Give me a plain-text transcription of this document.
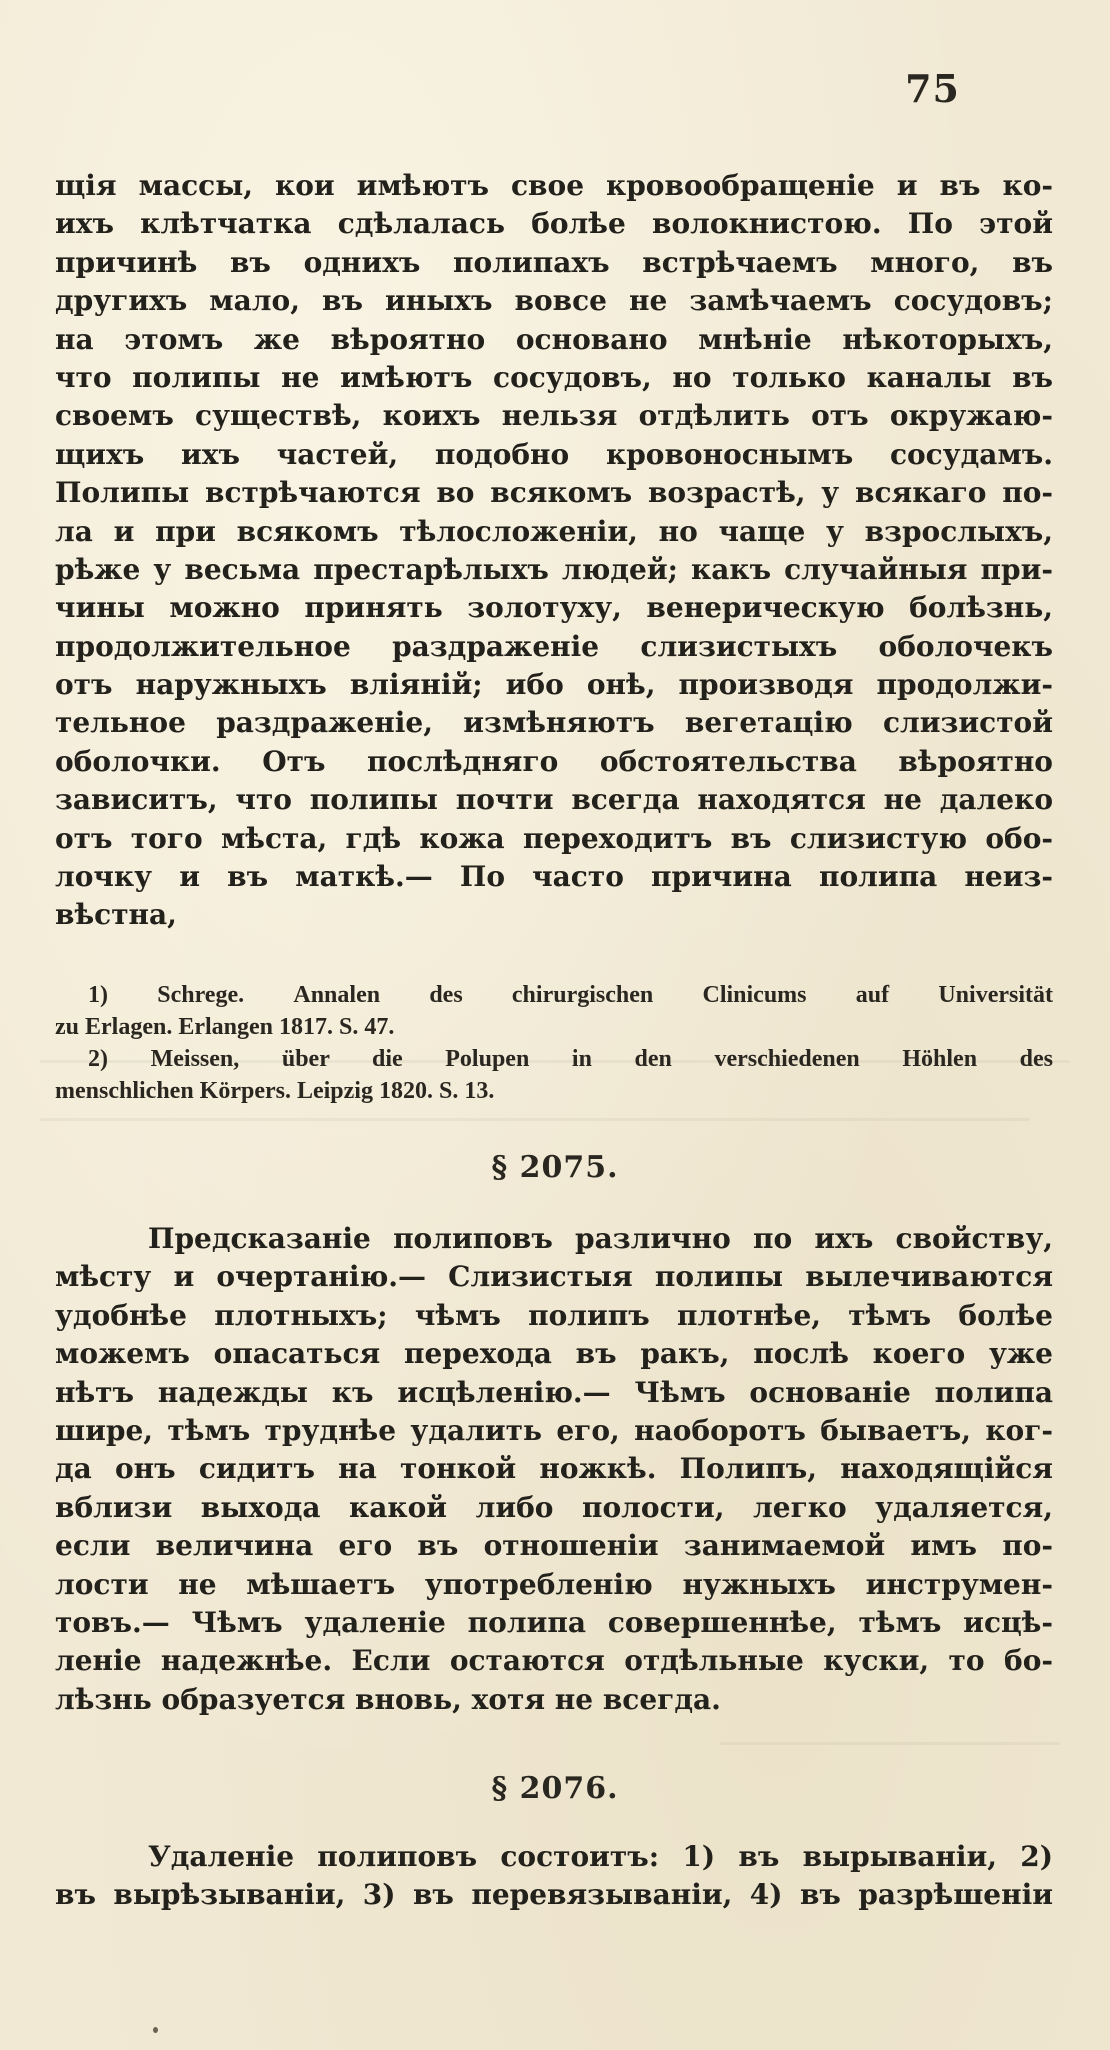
75
щія массы, кои имѣютъ свое кровообращеніе и въ ко-
ихъ клѣтчатка сдѣлалась болѣе волокнистою. По этой
причинѣ въ однихъ полипахъ встрѣчаемъ много, въ
другихъ мало, въ иныхъ вовсе не замѣчаемъ сосудовъ;
на этомъ же вѣроятно основано мнѣніе нѣкоторыхъ,
что полипы не имѣютъ сосудовъ, но только каналы въ
своемъ существѣ, коихъ нельзя отдѣлить отъ окружаю-
щихъ ихъ частей, подобно кровоноснымъ сосудамъ.
Полипы встрѣчаются во всякомъ возрастѣ, у всякаго по-
ла и при всякомъ тѣлосложеніи, но чаще у взрослыхъ,
рѣже у весьма престарѣлыхъ людей; какъ случайныя при-
чины можно принять золотуху, венерическую болѣзнь,
продолжительное раздраженіе слизистыхъ оболочекъ
отъ наружныхъ вліяній; ибо онѣ, производя продолжи-
тельное раздраженіе, измѣняютъ вегетацію слизистой
оболочки. Отъ послѣдняго обстоятельства вѣроятно
зависитъ, что полипы почти всегда находятся не далеко
отъ того мѣста, гдѣ кожа переходитъ въ слизистую обо-
лочку и въ маткѣ.— По часто причина полипа неиз-
вѣстна,
1) Schregе. Annalen des chirurgischen Clinicums auf Universität
zu Erlagen. Erlangen 1817. S. 47.
2) Meissen, über die Polupen in den verschiedenen Höhlen des
menschlichen Körpers. Leipzig 1820. S. 13.
§ 2075.
Предсказаніе полиповъ различно по ихъ свойству,
мѣсту и очертанію.— Слизистыя полипы вылечиваются
удобнѣе плотныхъ; чѣмъ полипъ плотнѣе, тѣмъ болѣе
можемъ опасаться перехода въ ракъ, послѣ коего уже
нѣтъ надежды къ исцѣленію.— Чѣмъ основаніе полипа
шире, тѣмъ труднѣе удалить его, наоборотъ бываетъ, ког-
да онъ сидитъ на тонкой ножкѣ. Полипъ, находящійся
вблизи выхода какой либо полости, легко удаляется,
если величина его въ отношеніи занимаемой имъ по-
лости не мѣшаетъ употребленію нужныхъ инструмен-
товъ.— Чѣмъ удаленіе полипа совершеннѣе, тѣмъ исцѣ-
леніе надежнѣе. Если остаются отдѣльные куски, то бо-
лѣзнь образуется вновь, хотя не всегда.
§ 2076.
Удаленіе полиповъ состоитъ: 1) въ вырываніи, 2)
въ вырѣзываніи, 3) въ перевязываніи, 4) въ разрѣшеніи
